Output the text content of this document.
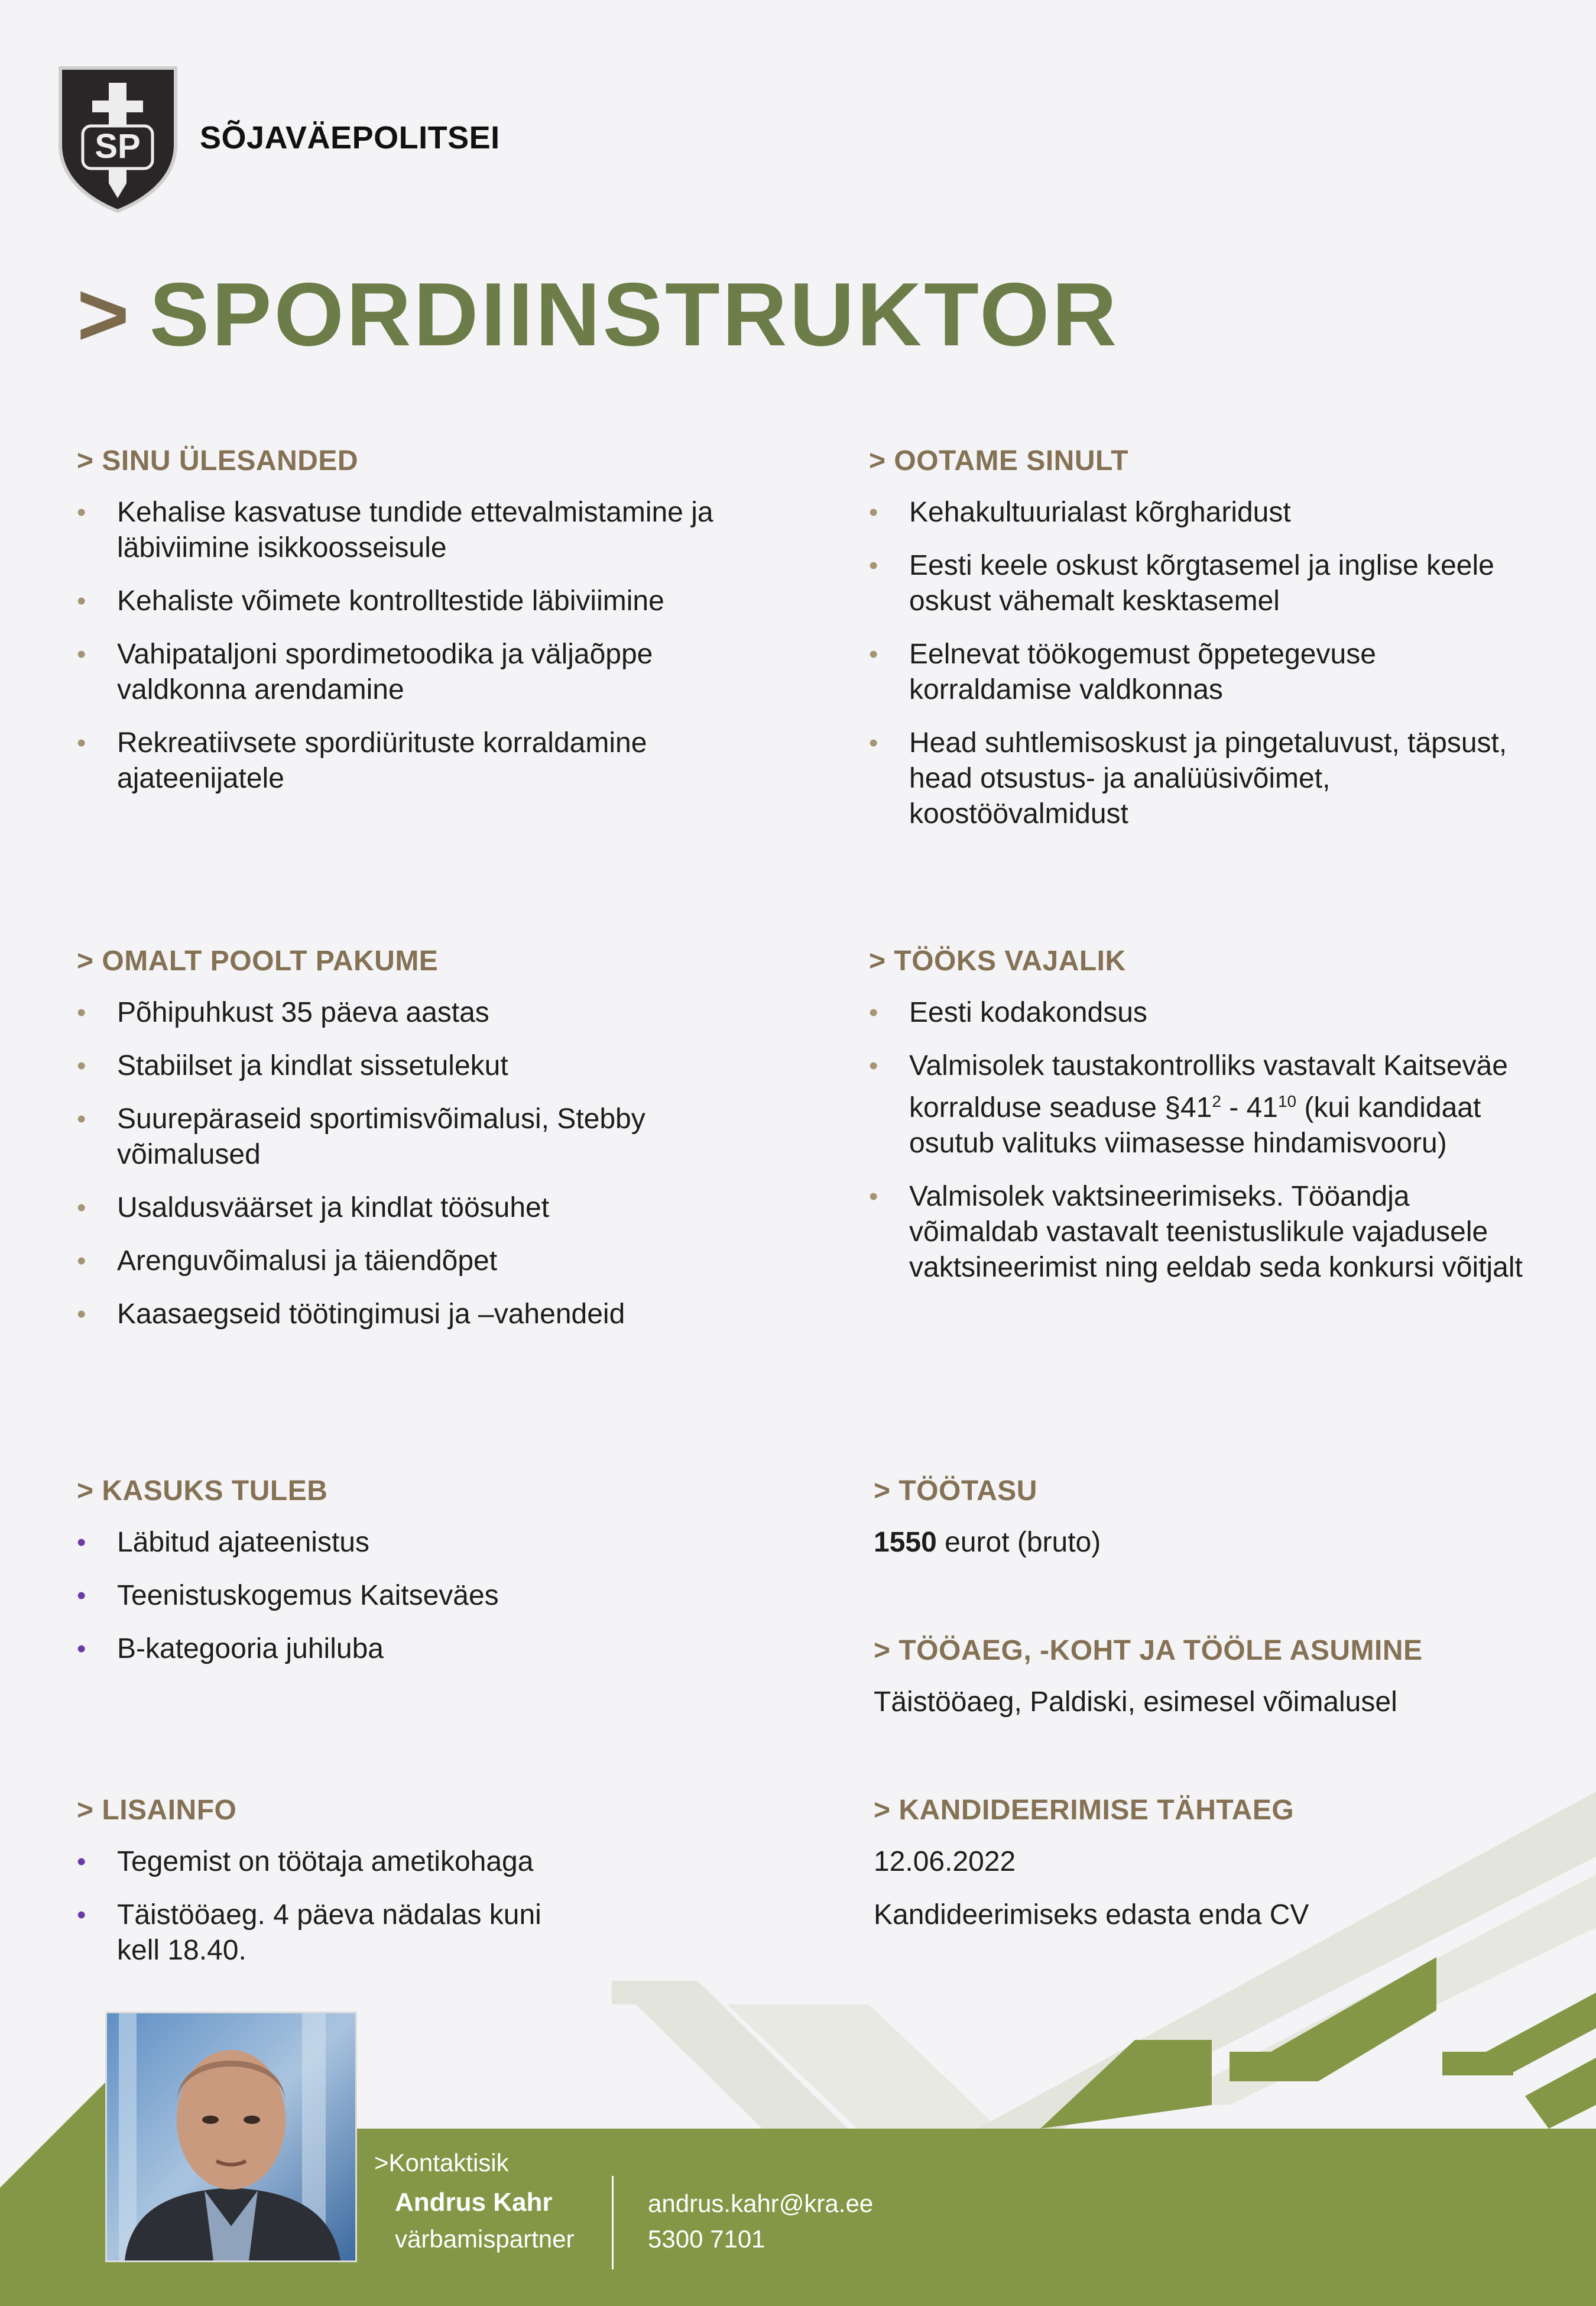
SP SÕJAVÄEPOLITSEI
> SPORDIINSTRUKTOR
> SINU ÜLESANDED
• Kehalise kasvatuse tundide ettevalmistamine ja läbiviimine isikkoosseisule
• Kehaliste võimete kontrolltestide läbiviimine
• Vahipataljoni spordimetoodika ja väljaõppe valdkonna arendamine
• Rekreatiivsete spordiürituste korraldamine ajateenijatele
> OOTAME SINULT
• Kehakultuurialast kõrgharidust
• Eesti keele oskust kõrgtasemel ja inglise keele oskust vähemalt kesktasemel
• Eelnevat töökogemust õppetegevuse korraldamise valdkonnas
• Head suhtlemisoskust ja pingetaluvust, täpsust, head otsustus- ja analüüsivõimet, koostöövalmidust
> OMALT POOLT PAKUME
• Põhipuhkust 35 päeva aastas
• Stabiilset ja kindlat sissetulekut
• Suurepäraseid sportimisvõimalusi, Stebby võimalused
• Usaldusväärset ja kindlat töösuhet
• Arenguvõimalusi ja täiendõpet
• Kaasaegseid töötingimusi ja –vahendeid
> TÖÖKS VAJALIK
• Eesti kodakondsus
• Valmisolek taustakontrolliks vastavalt Kaitseväe korralduse seaduse $\S 41^2 - 41^{10}$ (kui kandidaat osutub valituks viimasesse hindamisvooru)
• Valmisolek vaktsineerimiseks. Tööandja võimaldab vastavalt teenistuslikule vajadusele vaktsineerimist ning eeldab seda konkursi võitjalt
> KASUKS TULEB
• Läbitud ajateenistus
• Teenistuskogemus Kaitseväes
• B-kategooria juhiluba
> TÖÖTASU

1550 eurot (bruto)

> TÖÖAEG, -KOHT JA TÖÖLE ASUMINE

Täistööaeg, Paldiski, esimesel võimalusel

> LISAINFO
• Tegemist on töötaja ametikohaga
• Täistööaeg. 4 päeva nädalas kuni kell 18.40.
> KANDIDEERIMISE TÄHTAEG

12.06.2022

Kandideerimiseks edasta enda CV

>Kontaktisik
Andrus Kahr
värbamispartner
andrus.kahr@kra.ee
5300 7101
